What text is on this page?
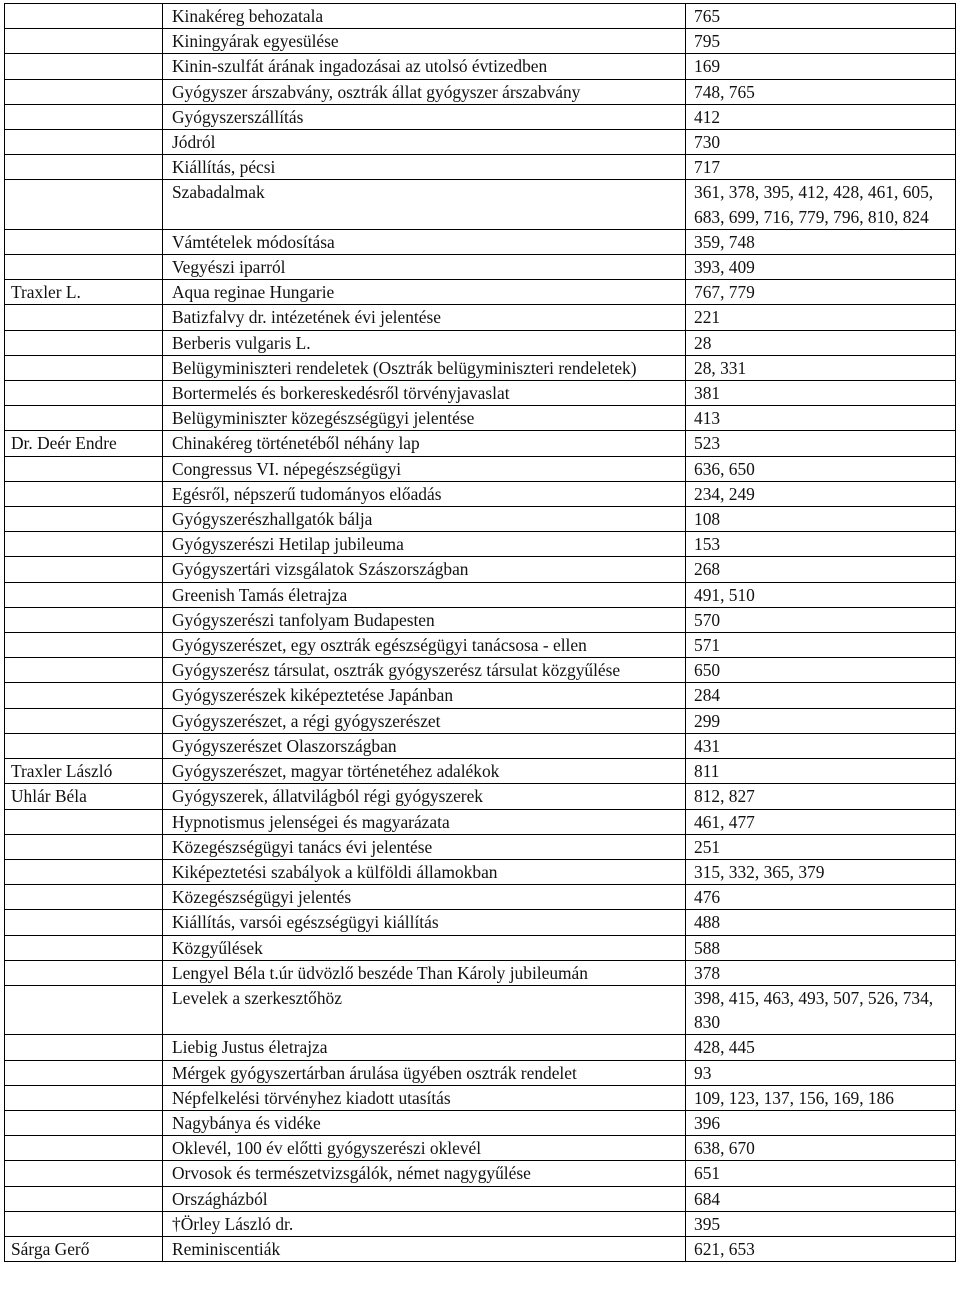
	Kinakéreg behozatala	765
	Kiningyárak egyesülése	795
	Kinin-szulfát árának ingadozásai az utolsó évtizedben	169
	Gyógyszer árszabvány, osztrák állat gyógyszer árszabvány	748, 765
	Gyógyszerszállítás	412
	Jódról	730
	Kiállítás, pécsi	717
	Szabadalmak	361, 378, 395, 412, 428, 461, 605, 683, 699, 716, 779, 796, 810, 824
	Vámtételek módosítása	359, 748
	Vegyészi iparról	393, 409
Traxler L.	Aqua reginae Hungarie	767, 779
	Batizfalvy dr. intézetének évi jelentése	221
	Berberis vulgaris L.	28
	Belügyminiszteri rendeletek (Osztrák belügyminiszteri rendeletek)	28, 331
	Bortermelés és borkereskedésről törvényjavaslat	381
	Belügyminiszter közegészségügyi jelentése	413
Dr. Deér Endre	Chinakéreg történetéből néhány lap	523
	Congressus VI. népegészségügyi	636, 650
	Egésről, népszerű tudományos előadás	234, 249
	Gyógyszerészhallgatók bálja	108
	Gyógyszerészi Hetilap jubileuma	153
	Gyógyszertári vizsgálatok Szászországban	268
	Greenish Tamás életrajza	491, 510
	Gyógyszerészi tanfolyam Budapesten	570
	Gyógyszerészet, egy osztrák egészségügyi tanácsosa - ellen	571
	Gyógyszerész társulat, osztrák gyógyszerész társulat közgyűlése	650
	Gyógyszerészek kiképeztetése Japánban	284
	Gyógyszerészet, a régi gyógyszerészet	299
	Gyógyszerészet Olaszországban	431
Traxler László	Gyógyszerészet, magyar történetéhez adalékok	811
Uhlár Béla	Gyógyszerek, állatvilágból régi gyógyszerek	812, 827
	Hypnotismus jelenségei és magyarázata	461, 477
	Közegészségügyi tanács évi jelentése	251
	Kiképeztetési szabályok a külföldi államokban	315, 332, 365, 379
	Közegészségügyi jelentés	476
	Kiállítás, varsói egészségügyi kiállítás	488
	Közgyűlések	588
	Lengyel Béla t.úr üdvözlő beszéde Than Károly jubileumán	378
	Levelek a szerkesztőhöz	398, 415, 463, 493, 507, 526, 734, 830
	Liebig Justus életrajza	428, 445
	Mérgek gyógyszertárban árulása ügyében osztrák rendelet	93
	Népfelkelési törvényhez kiadott utasítás	109, 123, 137, 156, 169, 186
	Nagybánya és vidéke	396
	Oklevél, 100 év előtti gyógyszerészi oklevél	638, 670
	Orvosok és természetvizsgálók, német nagygyűlése	651
	Országházból	684
	†Örley László dr.	395
Sárga Gerő	Reminiscentiák	621, 653
